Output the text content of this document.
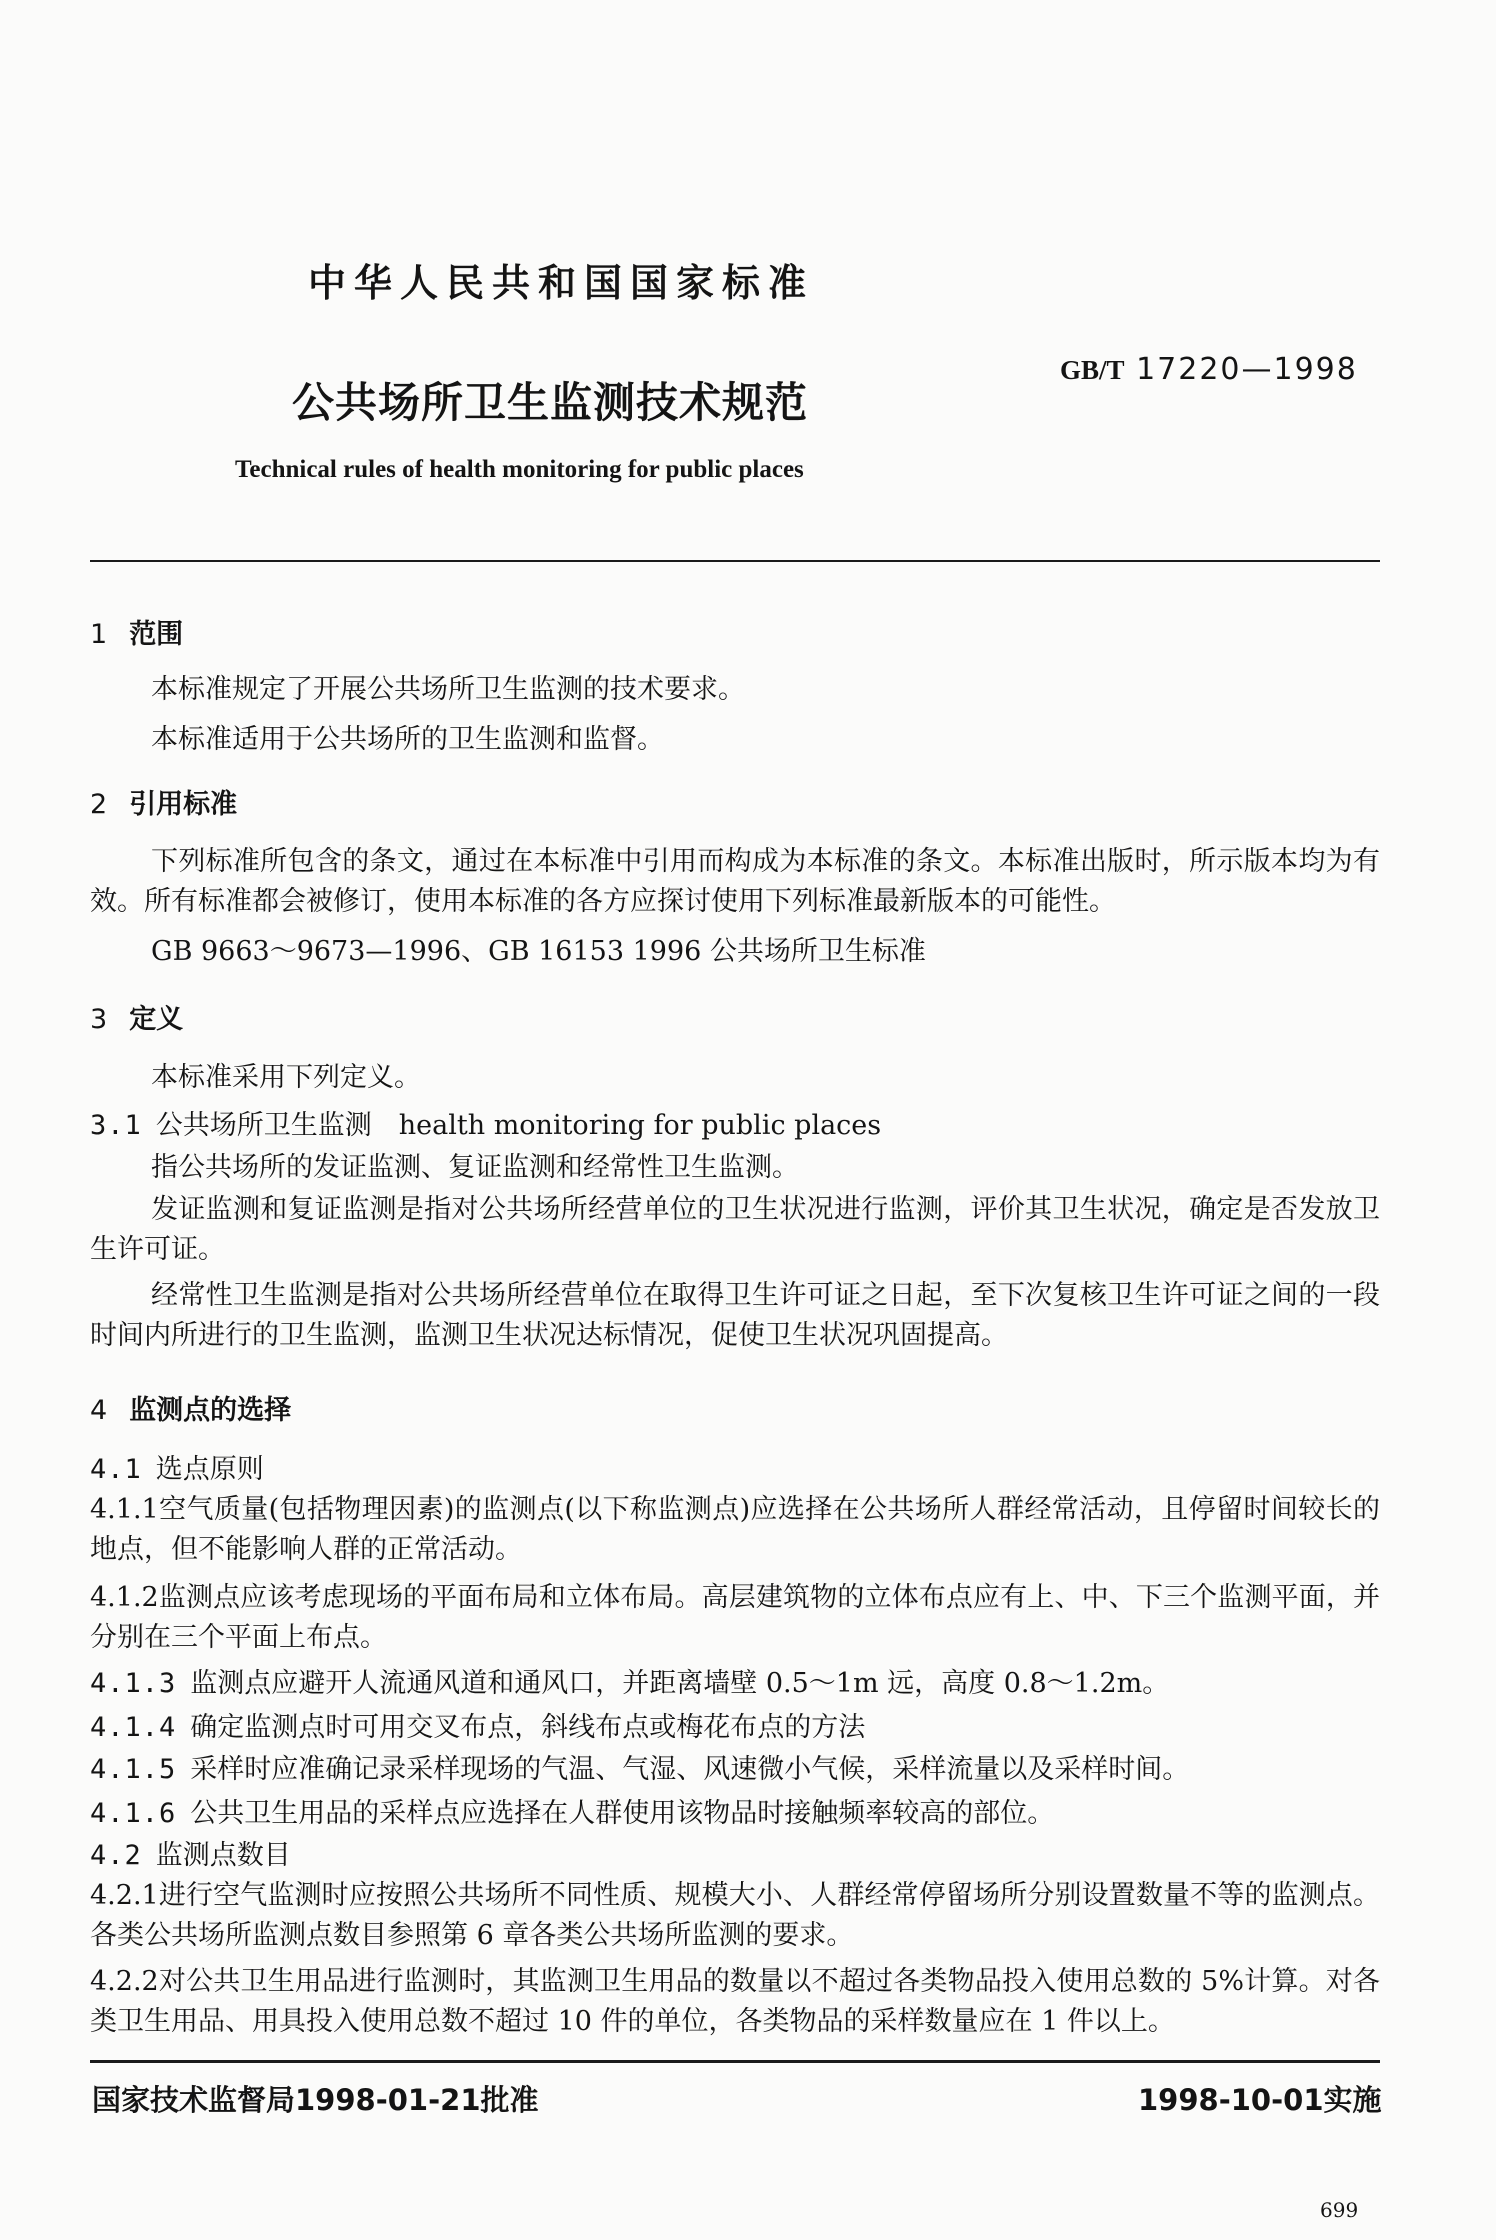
中华人民共和国国家标准
公共场所卫生监测技术规范
GB/T 17220—1998
Technical rules of health monitoring for public places
1 范围
本标准规定了开展公共场所卫生监测的技术要求。
本标准适用于公共场所的卫生监测和监督。
2 引用标准
下列标准所包含的条文，通过在本标准中引用而构成为本标准的条文。本标准出版时，所示版本均为有效。所有标准都会被修订，使用本标准的各方应探讨使用下列标准最新版本的可能性。
GB 9663～9673—1996、GB 16153 1996 公共场所卫生标准
3 定义
本标准采用下列定义。
3.1 公共场所卫生监测　health monitoring for public places
指公共场所的发证监测、复证监测和经常性卫生监测。
发证监测和复证监测是指对公共场所经营单位的卫生状况进行监测，评价其卫生状况，确定是否发放卫生许可证。
经常性卫生监测是指对公共场所经营单位在取得卫生许可证之日起，至下次复核卫生许可证之间的一段时间内所进行的卫生监测，监测卫生状况达标情况，促使卫生状况巩固提高。
4 监测点的选择
4.1 选点原则
4.1.1空气质量(包括物理因素)的监测点(以下称监测点)应选择在公共场所人群经常活动，且停留时间较长的地点，但不能影响人群的正常活动。
4.1.2监测点应该考虑现场的平面布局和立体布局。高层建筑物的立体布点应有上、中、下三个监测平面，并分别在三个平面上布点。
4.1.3 监测点应避开人流通风道和通风口，并距离墙壁 0.5～1m 远，高度 0.8～1.2m。
4.1.4 确定监测点时可用交叉布点，斜线布点或梅花布点的方法
4.1.5 采样时应准确记录采样现场的气温、气湿、风速微小气候，采样流量以及采样时间。
4.1.6 公共卫生用品的采样点应选择在人群使用该物品时接触频率较高的部位。
4.2 监测点数目
4.2.1进行空气监测时应按照公共场所不同性质、规模大小、人群经常停留场所分别设置数量不等的监测点。各类公共场所监测点数目参照第 6 章各类公共场所监测的要求。
4.2.2对公共卫生用品进行监测时，其监测卫生用品的数量以不超过各类物品投入使用总数的 5%计算。对各类卫生用品、用具投入使用总数不超过 10 件的单位，各类物品的采样数量应在 1 件以上。
国家技术监督局1998-01-21批准	1998-10-01实施
699
